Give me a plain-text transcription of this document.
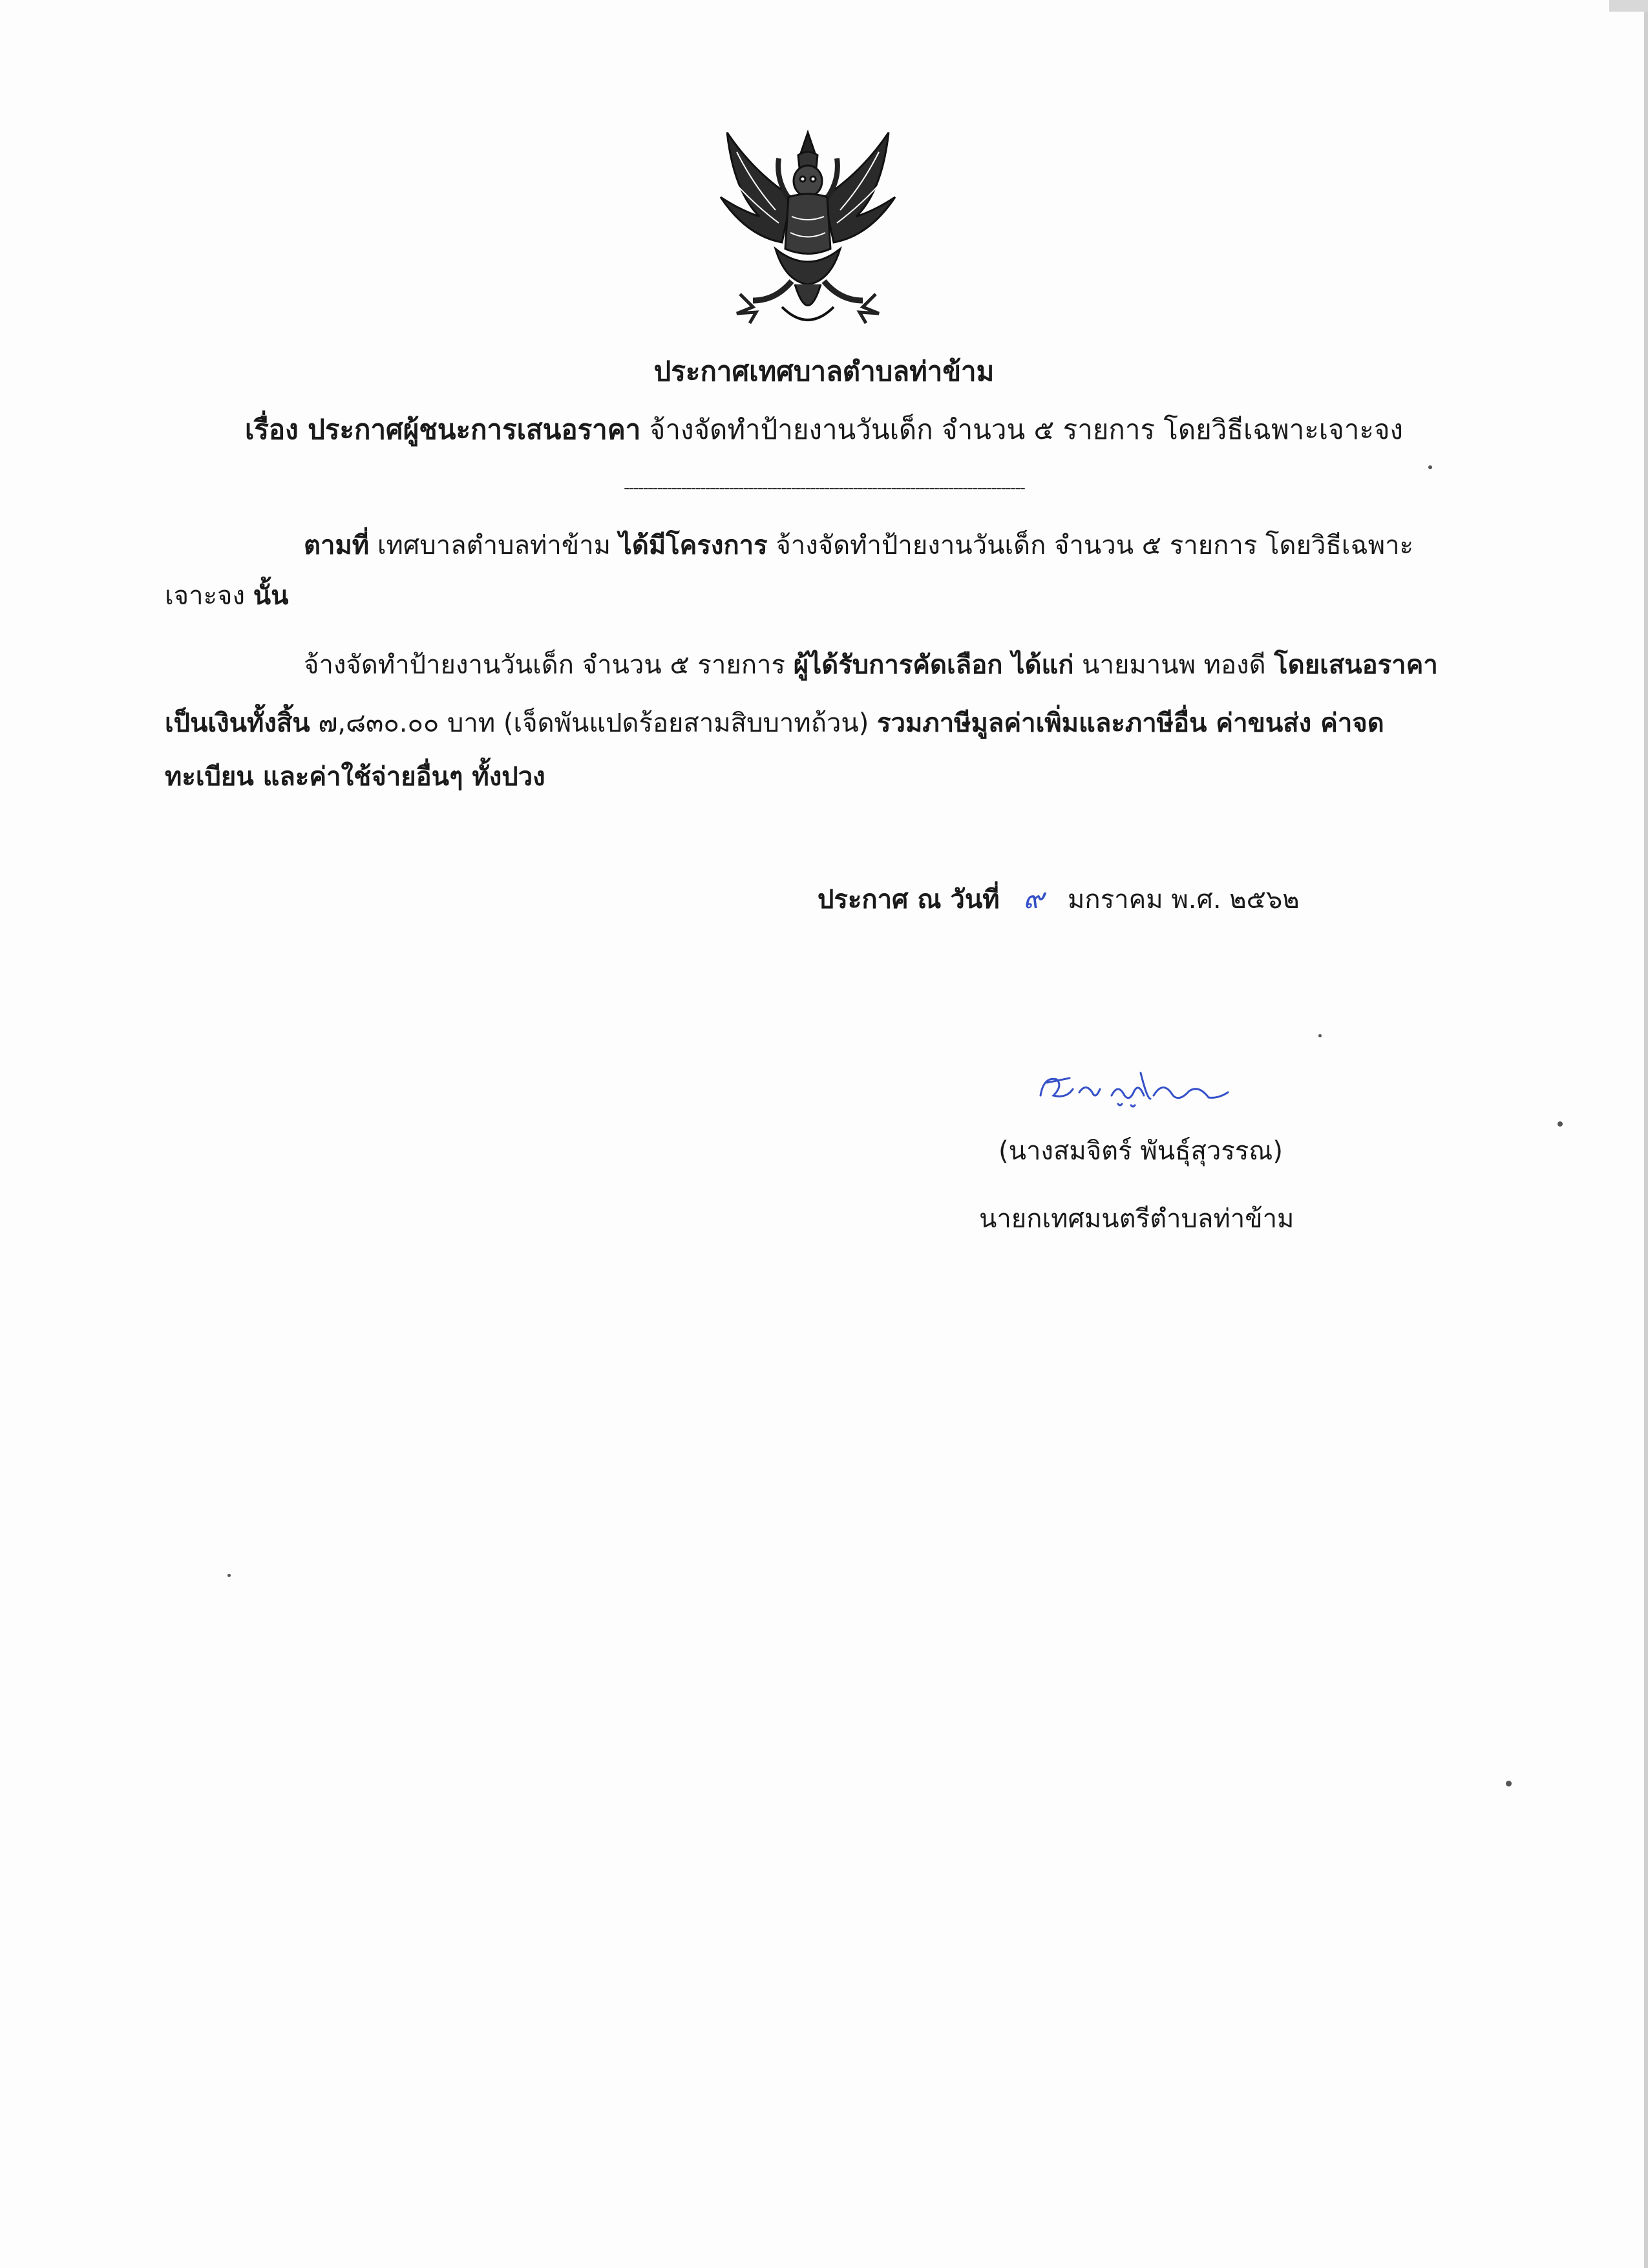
ประกาศเทศบาลตำบลท่าข้าม
เรื่อง ประกาศผู้ชนะการเสนอราคา จ้างจัดทำป้ายงานวันเด็ก จำนวน ๕ รายการ โดยวิธีเฉพาะเจาะจง
------------------------------------------------------------------------------------
ตามที่ เทศบาลตำบลท่าข้าม ได้มีโครงการ จ้างจัดทำป้ายงานวันเด็ก จำนวน ๕ รายการ โดยวิธีเฉพาะ
เจาะจง นั้น
จ้างจัดทำป้ายงานวันเด็ก จำนวน ๕ รายการ ผู้ได้รับการคัดเลือก ได้แก่ นายมานพ ทองดี โดยเสนอราคา
เป็นเงินทั้งสิ้น ๗,๘๓๐.๐๐ บาท (เจ็ดพันแปดร้อยสามสิบบาทถ้วน) รวมภาษีมูลค่าเพิ่มและภาษีอื่น ค่าขนส่ง ค่าจด
ทะเบียน และค่าใช้จ่ายอื่นๆ ทั้งปวง
ประกาศ ณ วันที่ ๙ มกราคม พ.ศ. ๒๕๖๒
(นางสมจิตร์ พันธุ์สุวรรณ)
นายกเทศมนตรีตำบลท่าข้าม
